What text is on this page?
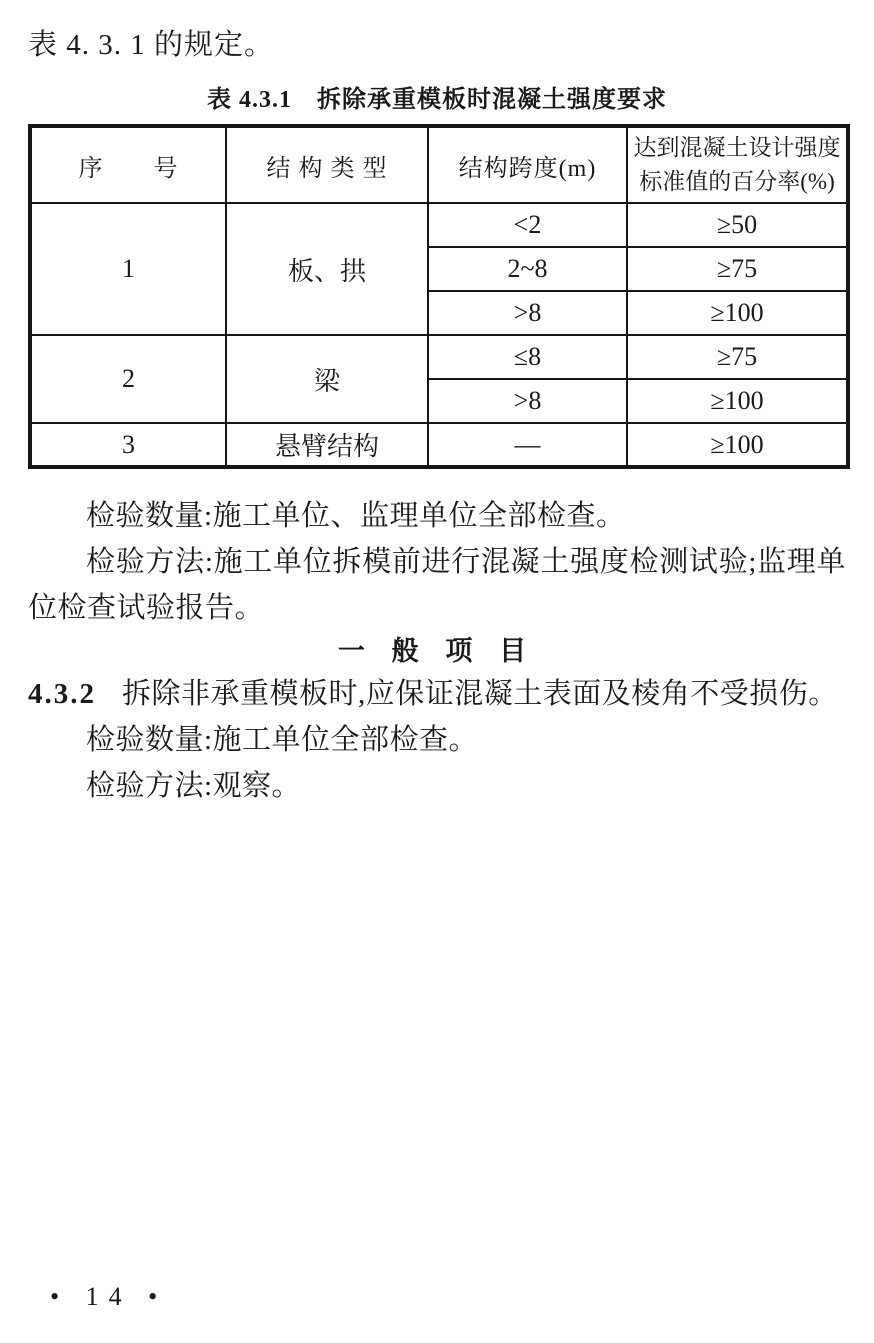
表 4. 3. 1 的规定。

表 4.3.1　拆除承重模板时混凝土强度要求
序　　号	结 构 类 型	结构跨度(m)	达到混凝土设计强度标准值的百分率(%)
1	板、拱	<2	≥50
		2~8	≥75
		>8	≥100
2	梁	≤8	≥75
		>8	≥100
3	悬臂结构	—	≥100

检验数量:施工单位、监理单位全部检查。

检验方法:施工单位拆模前进行混凝土强度检测试验;监理单位检查试验报告。

一 般 项 目

4.3.2 拆除非承重模板时,应保证混凝土表面及棱角不受损伤。

检验数量:施工单位全部检查。

检验方法:观察。

• 14 •
